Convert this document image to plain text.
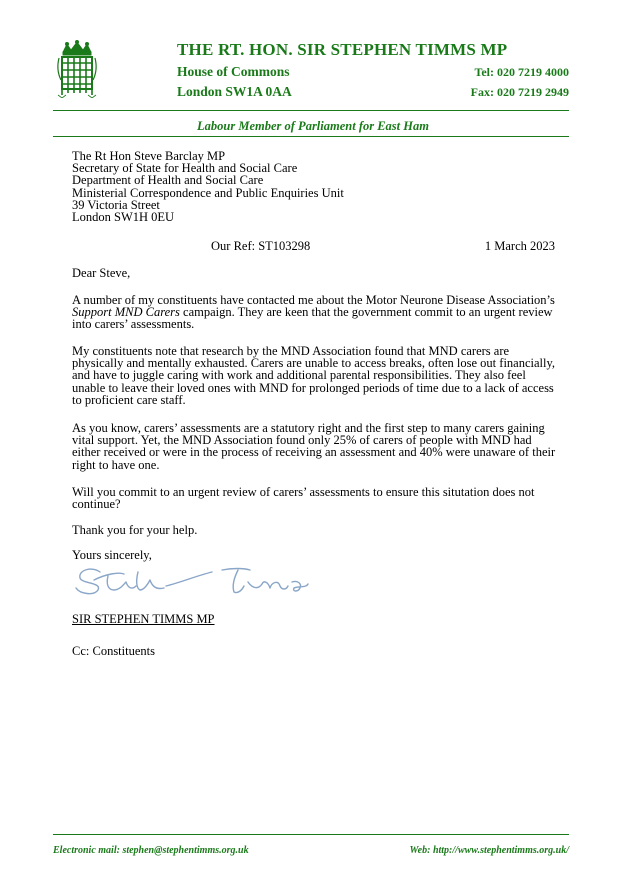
THE RT. HON. SIR STEPHEN TIMMS MP
House of Commons
London SW1A 0AA
Tel: 020 7219 4000
Fax: 020 7219 2949
Labour Member of Parliament for East Ham
The Rt Hon Steve Barclay MP
Secretary of State for Health and Social Care
Department of Health and Social Care
Ministerial Correspondence and Public Enquiries Unit
39 Victoria Street
London SW1H 0EU
Our Ref: ST103298	1 March 2023
Dear Steve,
A number of my constituents have contacted me about the Motor Neurone Disease Association’s Support MND Carers campaign. They are keen that the government commit to an urgent review into carers’ assessments.
My constituents note that research by the MND Association found that MND carers are physically and mentally exhausted. Carers are unable to access breaks, often lose out financially, and have to juggle caring with work and additional parental responsibilities. They also feel unable to leave their loved ones with MND for prolonged periods of time due to a lack of access to proficient care staff.
As you know, carers’ assessments are a statutory right and the first step to many carers gaining vital support. Yet, the MND Association found only 25% of carers of people with MND had either received or were in the process of receiving an assessment and 40% were unaware of their right to have one.
Will you commit to an urgent review of carers’ assessments to ensure this situtation does not continue?
Thank you for your help.
Yours sincerely,
SIR STEPHEN TIMMS MP
Cc: Constituents
Electronic mail: stephen@stephentimms.org.uk	Web: http://www.stephentimms.org.uk/
